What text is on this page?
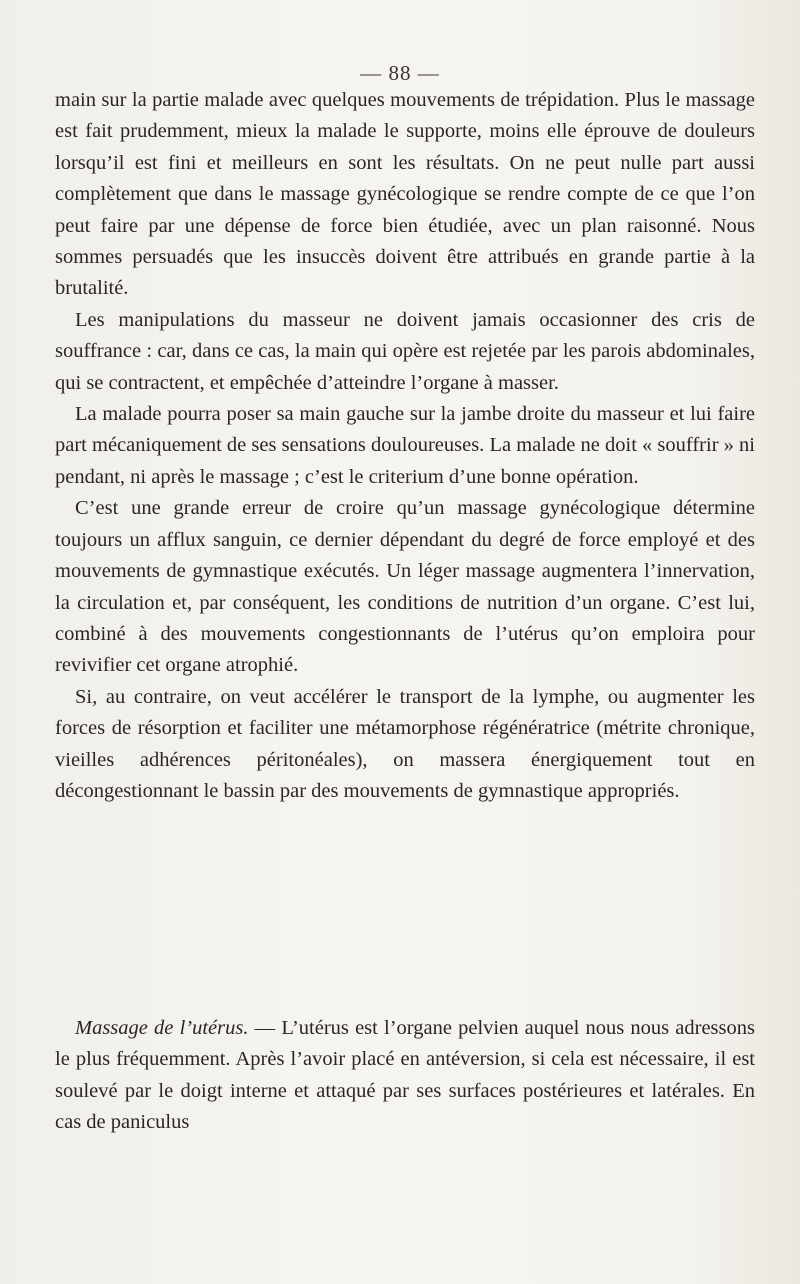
— 88 —

main sur la partie malade avec quelques mouvements de trépidation. Plus le massage est fait prudemment, mieux la malade le supporte, moins elle éprouve de douleurs lorsqu’il est fini et meilleurs en sont les résultats. On ne peut nulle part aussi complètement que dans le massage gynécologique se rendre compte de ce que l’on peut faire par une dépense de force bien étudiée, avec un plan raisonné. Nous sommes persuadés que les insuccès doivent être attribués en grande partie à la brutalité.

Les manipulations du masseur ne doivent jamais occasionner des cris de souffrance : car, dans ce cas, la main qui opère est rejetée par les parois abdominales, qui se contractent, et empêchée d’atteindre l’organe à masser.

La malade pourra poser sa main gauche sur la jambe droite du masseur et lui faire part mécaniquement de ses sensations douloureuses. La malade ne doit « souffrir » ni pendant, ni après le massage ; c’est le criterium d’une bonne opération.

C’est une grande erreur de croire qu’un massage gynécologique détermine toujours un afflux sanguin, ce dernier dépendant du degré de force employé et des mouvements de gymnastique exécutés. Un léger massage augmentera l’innervation, la circulation et, par conséquent, les conditions de nutrition d’un organe. C’est lui, combiné à des mouvements congestionnants de l’utérus qu’on emploira pour revivifier cet organe atrophié.

Si, au contraire, on veut accélérer le transport de la lymphe, ou augmenter les forces de résorption et faciliter une métamorphose régénératrice (métrite chronique, vieilles adhérences péritonéales), on massera énergiquement tout en décongestionnant le bassin par des mouvements de gymnastique appropriés.

Massage de l’utérus. — L’utérus est l’organe pelvien auquel nous nous adressons le plus fréquemment. Après l’avoir placé en antéversion, si cela est nécessaire, il est soulevé par le doigt interne et attaqué par ses surfaces postérieures et latérales. En cas de paniculus
